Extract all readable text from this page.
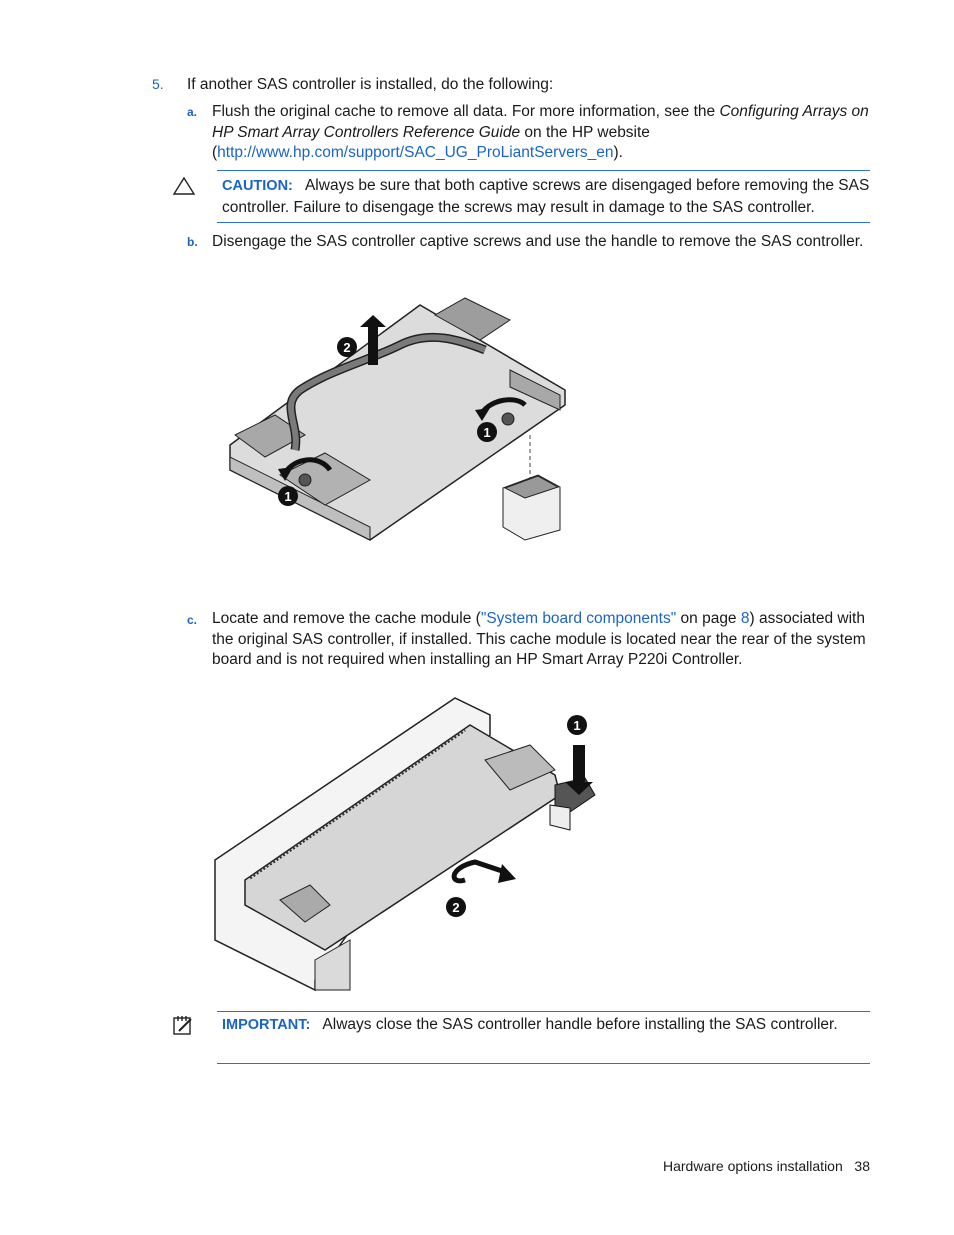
5. If another SAS controller is installed, do the following:
a. Flush the original cache to remove all data. For more information, see the Configuring Arrays on HP Smart Array Controllers Reference Guide on the HP website
(http://www.hp.com/support/SAC_UG_ProLiantServers_en).
CAUTION: Always be sure that both captive screws are disengaged before removing the SAS controller. Failure to disengage the screws may result in damage to the SAS controller.
b. Disengage the SAS controller captive screws and use the handle to remove the SAS controller.
2
1
1
c. Locate and remove the cache module ("System board components" on page 8) associated with the original SAS controller, if installed. This cache module is located near the rear of the system board and is not required when installing an HP Smart Array P220i Controller.
1
2
IMPORTANT: Always close the SAS controller handle before installing the SAS controller.
Hardware options installation 38
